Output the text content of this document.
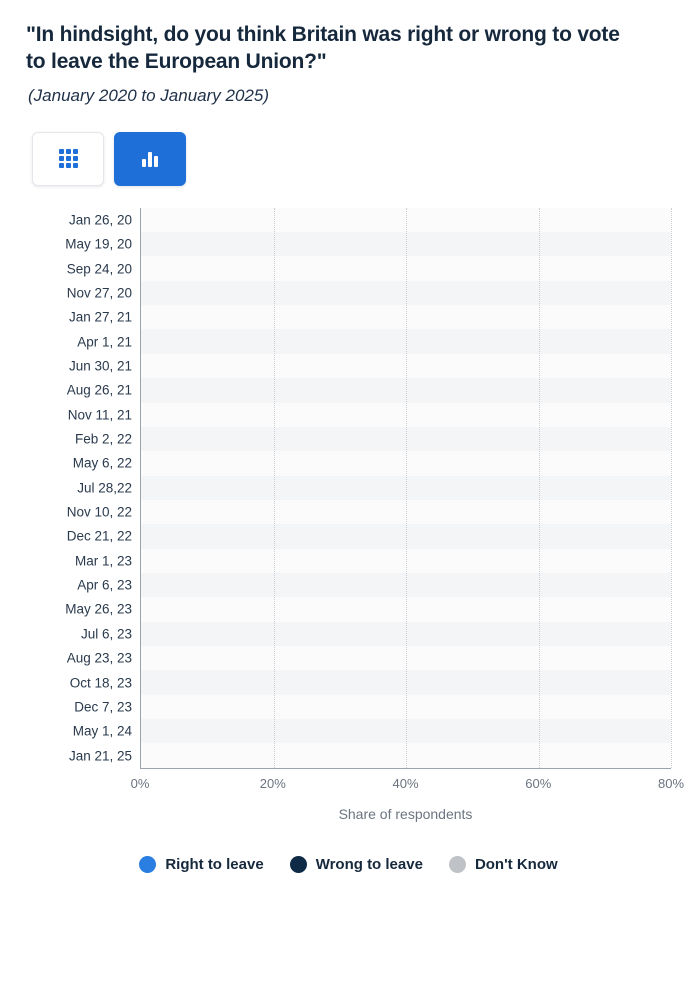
"In hindsight, do you think Britain was right or wrong to vote to leave the European Union?"
(January 2020 to January 2025)
Jan 26, 20
May 19, 20
Sep 24, 20
Nov 27, 20
Jan 27, 21
Apr 1, 21
Jun 30, 21
Aug 26, 21
Nov 11, 21
Feb 2, 22
May 6, 22
Jul 28,22
Nov 10, 22
Dec 21, 22
Mar 1, 23
Apr 6, 23
May 26, 23
Jul 6, 23
Aug 23, 23
Oct 18, 23
Dec 7, 23
May 1, 24
Jan 21, 25
0%	20%	40%	60%	80%
Share of respondents
Right to leave	Wrong to leave	Don't Know
